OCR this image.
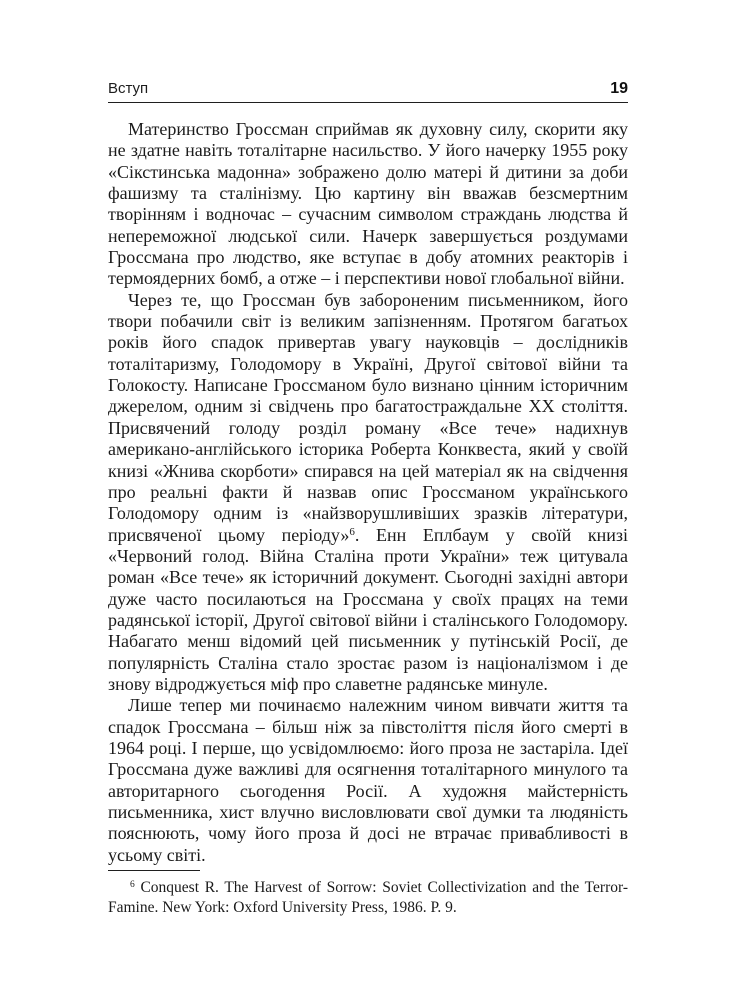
Вступ	19

Материнство Гроссман сприймав як духовну силу, скорити яку не здатне навіть тоталітарне насильство. У його начерку 1955 року «Сікстинська мадонна» зображено долю матері й дитини за доби фашизму та сталінізму. Цю картину він вважав безсмертним творінням і водночас – сучасним символом страждань людства й непереможної людської сили. Начерк завершується роздумами Гроссмана про людство, яке вступає в добу атомних реакторів і термоядерних бомб, а отже – і перспективи нової глобальної війни.

Через те, що Гроссман був забороненим письменником, його твори побачили світ із великим запізненням. Протягом багатьох років його спадок привертав увагу науковців – дослідників тоталітаризму, Голодомору в Україні, Другої світової війни та Голокосту. Написане Гроссманом було визнано цінним історичним джерелом, одним зі свідчень про багатостраждальне ХХ століття. Присвячений голоду розділ роману «Все тече» надихнув американо-англійського історика Роберта Конквеста, який у своїй книзі «Жнива скорботи» спирався на цей матеріал як на свідчення про реальні факти й назвав опис Гроссманом українського Голодомору одним із «найзворушливіших зразків літератури, присвяченої цьому періоду»$^6$. Енн Еплбаум у своїй книзі «Червоний голод. Війна Сталіна проти України» теж цитувала роман «Все тече» як історичний документ. Сьогодні західні автори дуже часто посилаються на Гроссмана у своїх працях на теми радянської історії, Другої світової війни і сталінського Голодомору. Набагато менш відомий цей письменник у путінській Росії, де популярність Сталіна стало зростає разом із націоналізмом і де знову відроджується міф про славетне радянське минуле.

Лише тепер ми починаємо належним чином вивчати життя та спадок Гроссмана – більш ніж за півстоліття після його смерті в 1964 році. І перше, що усвідомлюємо: його проза не застаріла. Ідеї Гроссмана дуже важливі для осягнення тоталітарного минулого та авторитарного сьогодення Росії. А художня майстерність письменника, хист влучно висловлювати свої думки та людяність пояснюють, чому його проза й досі не втрачає привабливості в усьому світі.

$^6$ Conquest R. The Harvest of Sorrow: Soviet Collectivization and the Terror-Famine. New York: Oxford University Press, 1986. P. 9.
